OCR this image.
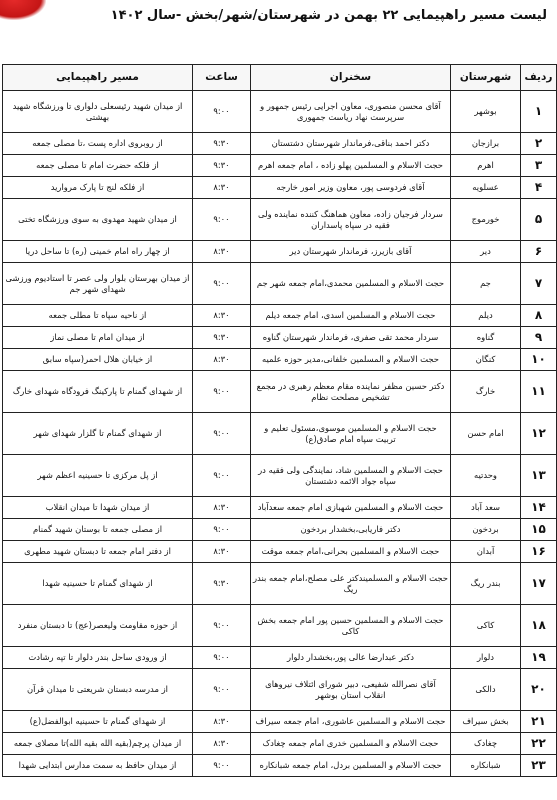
لیست مسیر راهپیمایی ۲۲ بهمن در شهرستان/شهر/بخش -سال ۱۴۰۲
ردیف	شهرستان	سخنران	ساعت	مسیر راهپیمایی
۱	بوشهر	آقای محسن منصوری، معاون اجرایی رئیس جمهور و سرپرست نهاد ریاست جمهوری	۹:۰۰	از میدان شهید رئیسعلی دلواری تا ورزشگاه شهید بهشتی
۲	برازجان	دکتر احمد بناقی،فرماندار شهرستان دشتستان	۹:۳۰	از روبروی اداره پست ،تا مصلی جمعه
۳	اهرم	حجت الاسلام و المسلمین پهلو زاده ، امام جمعه اهرم	۹:۳۰	از فلکه حضرت امام تا مصلی جمعه
۴	عسلویه	آقای فردوسی پور، معاون وزیر امور خارجه	۸:۳۰	از فلکه لنج تا پارک مروارید
۵	خورموج	سردار فرجیان زاده، معاون هماهنگ کننده نماینده ولی فقیه در سپاه پاسداران	۹:۰۰	از میدان شهید مهدوی به سوی ورزشگاه تختی
۶	دیر	آقای بازیرز، فرماندار شهرستان دیر	۸:۳۰	از چهار راه امام خمینی (ره) تا ساحل دریا
۷	جم	حجت الاسلام و المسلمین محمدی،امام جمعه شهر جم	۹:۰۰	از میدان بهرستان بلوار ولی عصر تا استادیوم ورزشی شهدای شهر جم
۸	دیلم	حجت الاسلام و المسلمین اسدی، امام جمعه دیلم	۸:۳۰	از ناحیه سپاه تا مطلی جمعه
۹	گناوه	سردار محمد تقی صفری، فرماندار شهرستان گناوه	۹:۳۰	از میدان امام تا مصلی نماز
۱۰	کنگان	حجت الاسلام و المسلمین خلفانی،مدیر حوزه علمیه	۸:۳۰	از خیابان هلال احمر(سپاه سابق
۱۱	خارگ	دکتر حسین مظفر نماینده مقام معظم رهبری در مجمع تشخیص مصلحت نظام	۹:۰۰	از شهدای گمنام تا پارکینگ فرودگاه شهدای خارگ
۱۲	امام حسن	حجت الاسلام و المسلمین موسوی،مسئول تعلیم و تربیت سپاه امام صادق(ع)	۹:۰۰	از شهدای گمنام تا گلزار شهدای شهر
۱۳	وحدتیه	حجت الاسلام و المسلمین شاد، نمایندگی ولی فقیه در سپاه جواد الائمه دشتستان	۹:۰۰	از پل مرکزی تا حسینیه اعظم شهر
۱۴	سعد آباد	حجت الاسلام و المسلمین شهبازی امام جمعه سعدآباد	۸:۳۰	از میدان شهدا تا میدان انقلاب
۱۵	بردخون	دکتر فاریابی،بخشدار بردخون	۹:۰۰	از مصلی جمعه تا بوستان شهید گمنام
۱۶	آبدان	حجت الاسلام و المسلمین بحرانی،امام جمعه موقت	۸:۳۰	از دفتر امام جمعه تا دبستان شهید مطهری
۱۷	بندر ریگ	حجت الاسلام و المسلمیندکتر علی مصلح،امام جمعه بندر ریگ	۹:۳۰	از شهدای گمنام تا حسینیه شهدا
۱۸	کاکی	حجت الاسلام و المسلمین حسین پور امام جمعه بخش کاکی	۹:۰۰	از حوزه مقاومت ولیعصر(عج) تا دبستان منفرد
۱۹	دلوار	دکتر عبدارضا عالی پور،بخشدار دلوار	۹:۰۰	از ورودی ساحل بندر دلوار تا تپه رشادت
۲۰	دالکی	آقای نصرالله شفیعی، دبیر شورای ائتلاف نیروهای انقلاب استان بوشهر	۹:۰۰	از مدرسه دبستان شریعتی تا میدان قرآن
۲۱	بخش سیراف	حجت الاسلام و المسلمین عاشوری، امام جمعه سیراف	۸:۳۰	از شهدای گمنام تا حسینیه ابوالفضل(ع)
۲۲	چغادک	حجت الاسلام و المسلمین خدری امام جمعه چغادک	۸:۳۰	از میدان پرچم(بقیه الله بقیه الله)تا مصلای جمعه
۲۳	شبانکاره	حجت الاسلام و المسلمین بردل، امام جمعه شبانکاره	۹:۰۰	از میدان حافظ به سمت مدارس ابتدایی شهدا
